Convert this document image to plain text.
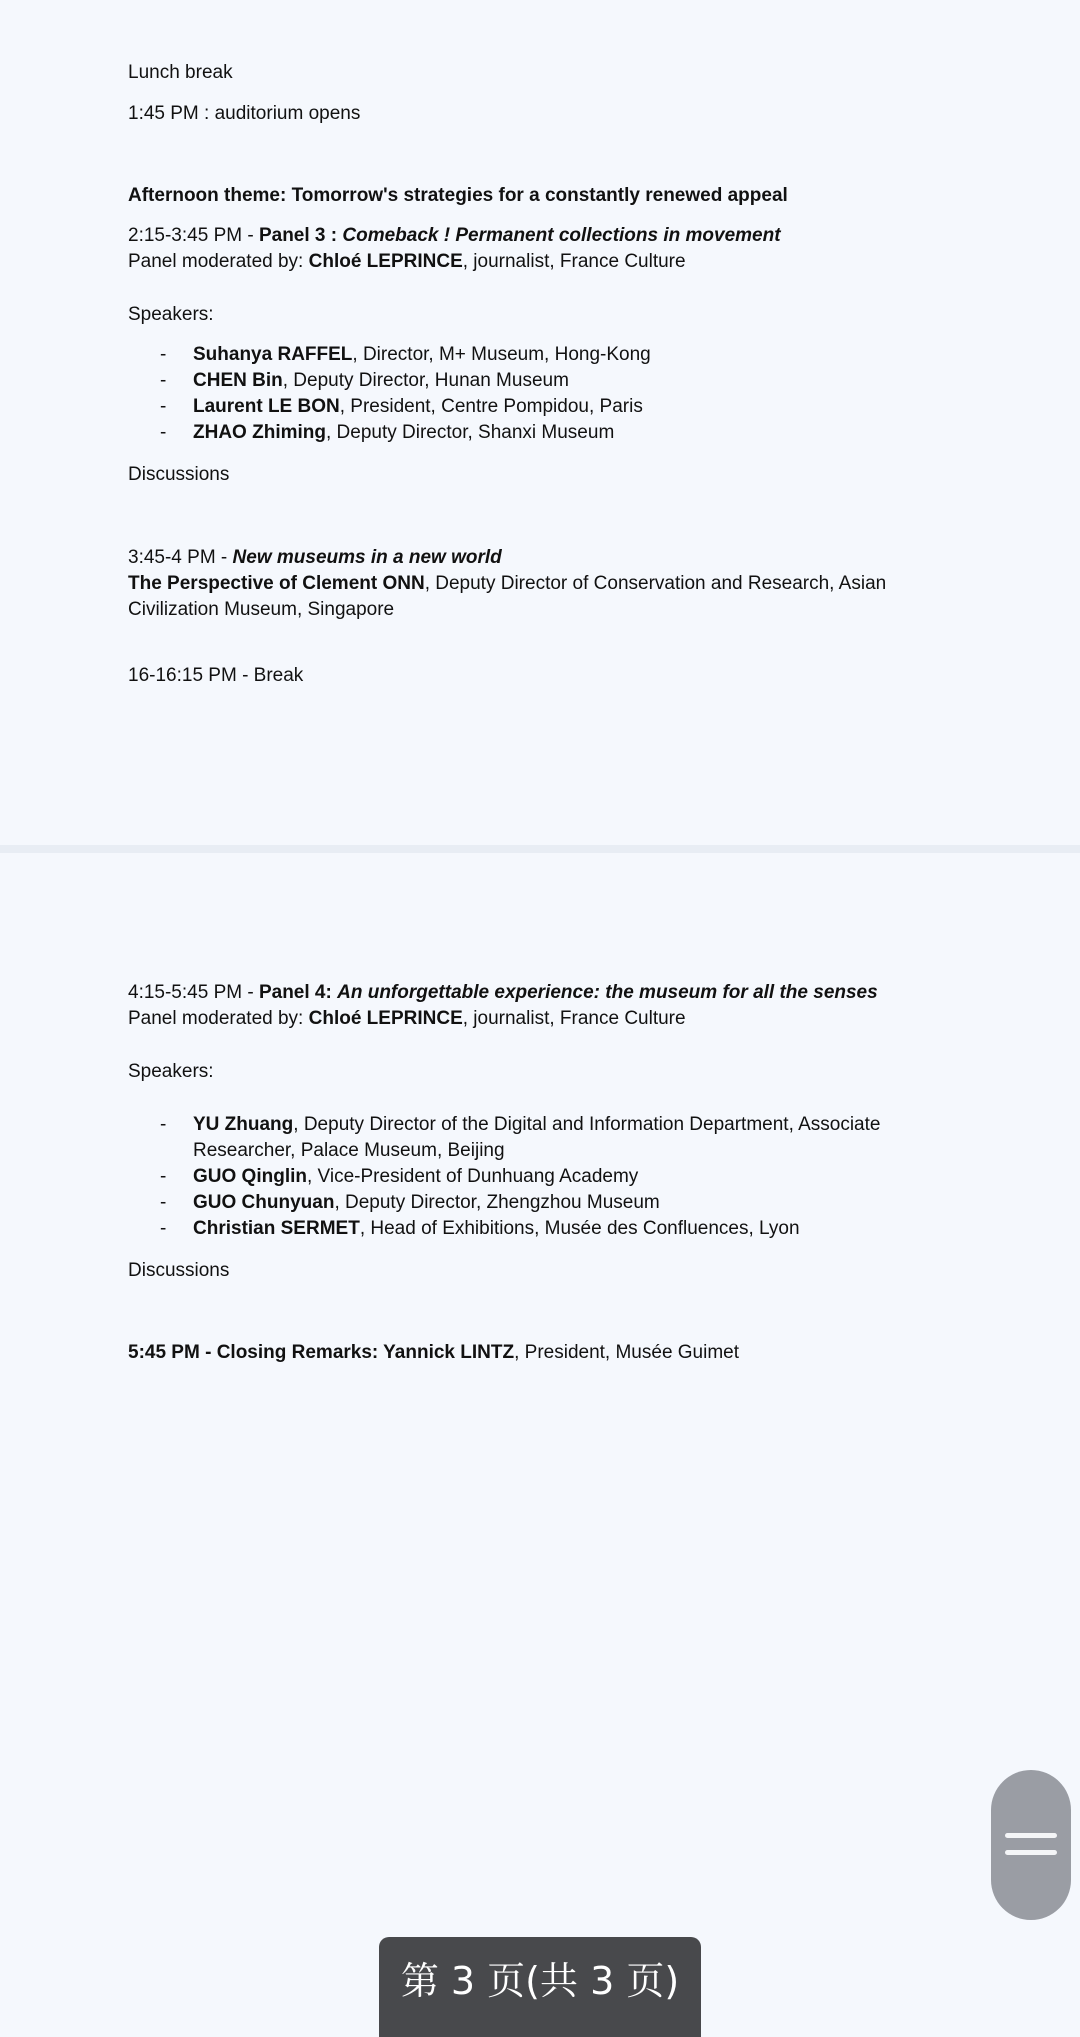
Lunch break
1:45 PM : auditorium opens
Afternoon theme: Tomorrow's strategies for a constantly renewed appeal
2:15-3:45 PM - Panel 3 : Comeback ! Permanent collections in movement
Panel moderated by: Chloé LEPRINCE, journalist, France Culture
Speakers:
- Suhanya RAFFEL, Director, M+ Museum, Hong-Kong
- CHEN Bin, Deputy Director, Hunan Museum
- Laurent LE BON, President, Centre Pompidou, Paris
- ZHAO Zhiming, Deputy Director, Shanxi Museum
Discussions
3:45-4 PM - New museums in a new world
The Perspective of Clement ONN, Deputy Director of Conservation and Research, Asian
Civilization Museum, Singapore
16-16:15 PM - Break
4:15-5:45 PM - Panel 4: An unforgettable experience: the museum for all the senses
Panel moderated by: Chloé LEPRINCE, journalist, France Culture
Speakers:
- YU Zhuang, Deputy Director of the Digital and Information Department, Associate
Researcher, Palace Museum, Beijing
- GUO Qinglin, Vice-President of Dunhuang Academy
- GUO Chunyuan, Deputy Director, Zhengzhou Museum
- Christian SERMET, Head of Exhibitions, Musée des Confluences, Lyon
Discussions
5:45 PM - Closing Remarks: Yannick LINTZ, President, Musée Guimet
第 3 页(共 3 页)
